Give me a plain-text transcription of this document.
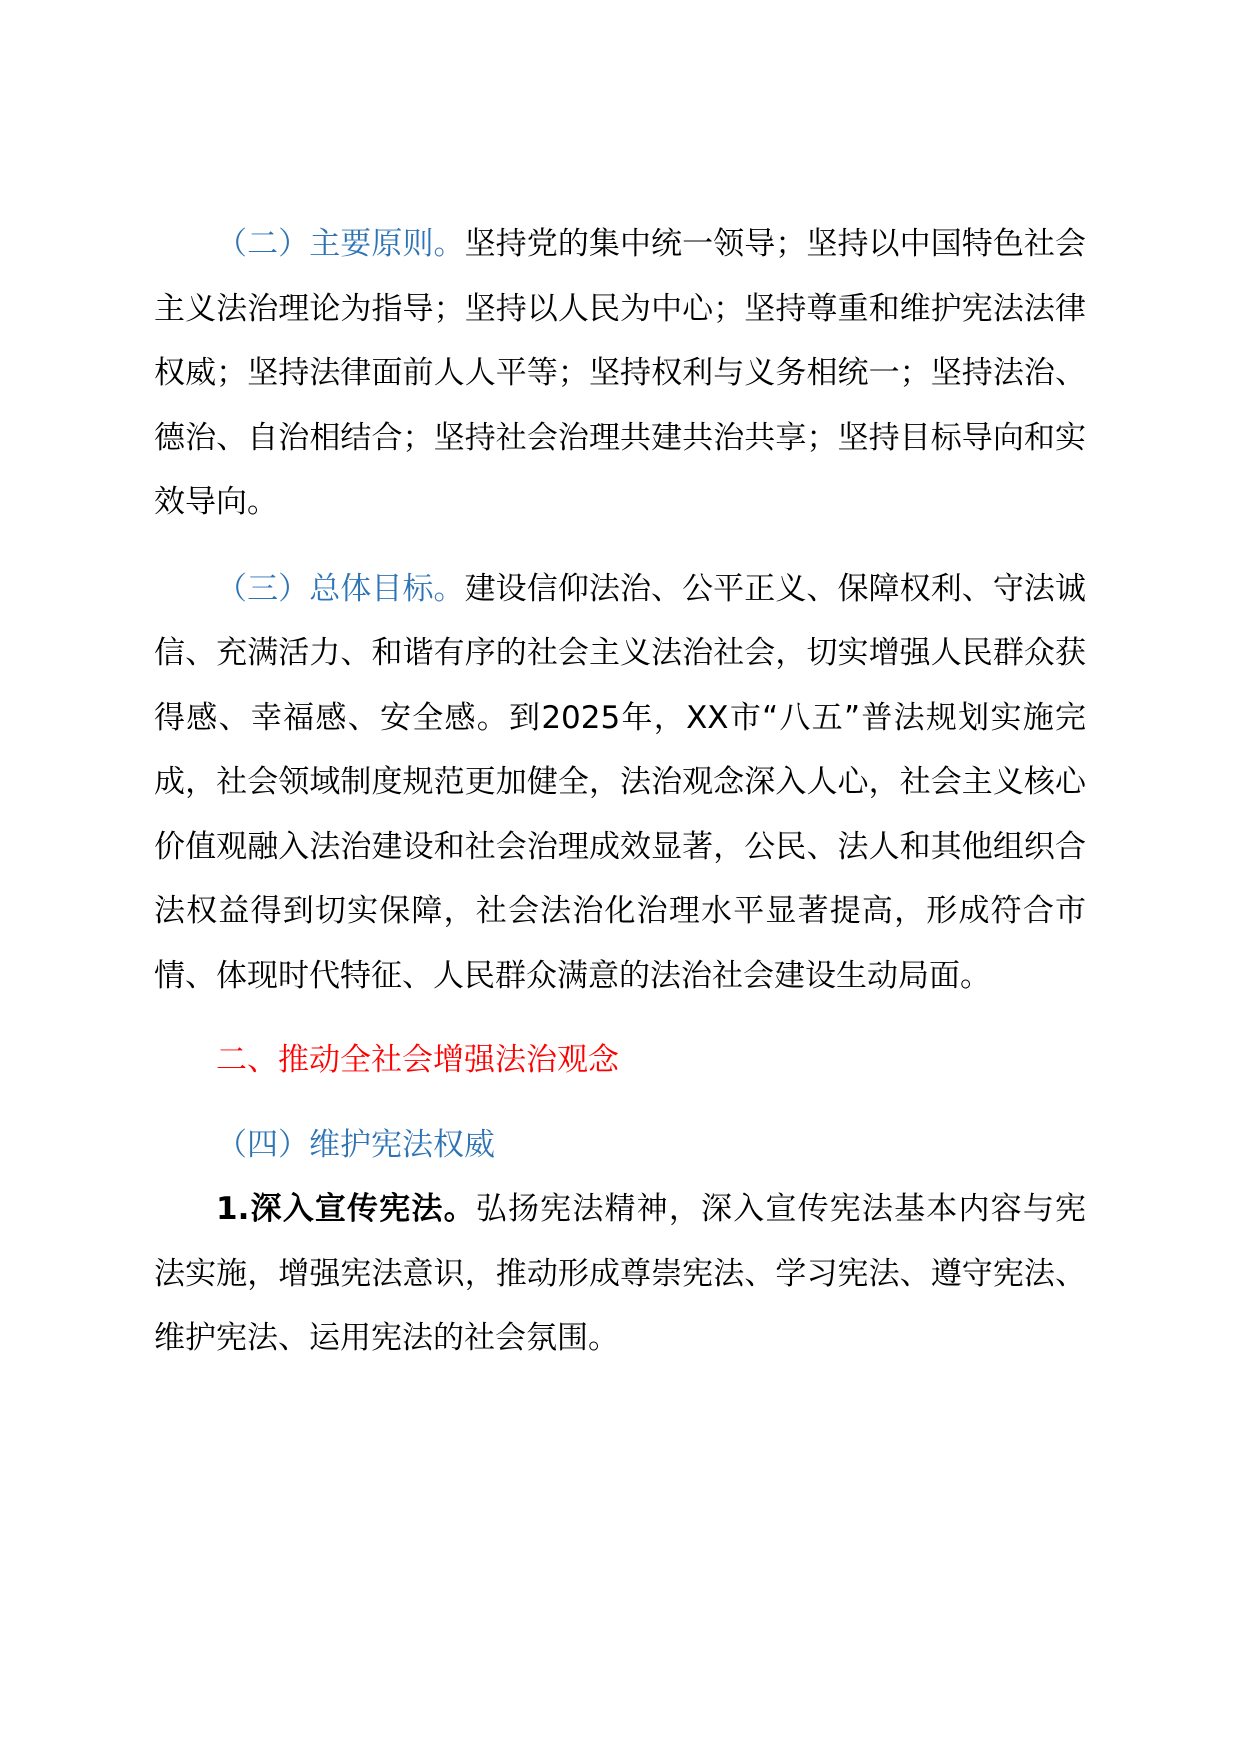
（二）主要原则。坚持党的集中统一领导；坚持以中国特色社会主义法治理论为指导；坚持以人民为中心；坚持尊重和维护宪法法律权威；坚持法律面前人人平等；坚持权利与义务相统一；坚持法治、德治、自治相结合；坚持社会治理共建共治共享；坚持目标导向和实效导向。

（三）总体目标。建设信仰法治、公平正义、保障权利、守法诚信、充满活力、和谐有序的社会主义法治社会，切实增强人民群众获得感、幸福感、安全感。到2025年，XX市“八五”普法规划实施完成，社会领域制度规范更加健全，法治观念深入人心，社会主义核心价值观融入法治建设和社会治理成效显著，公民、法人和其他组织合法权益得到切实保障，社会法治化治理水平显著提高，形成符合市情、体现时代特征、人民群众满意的法治社会建设生动局面。

二、推动全社会增强法治观念

（四）维护宪法权威

1.深入宣传宪法。弘扬宪法精神，深入宣传宪法基本内容与宪法实施，增强宪法意识，推动形成尊崇宪法、学习宪法、遵守宪法、维护宪法、运用宪法的社会氛围。
